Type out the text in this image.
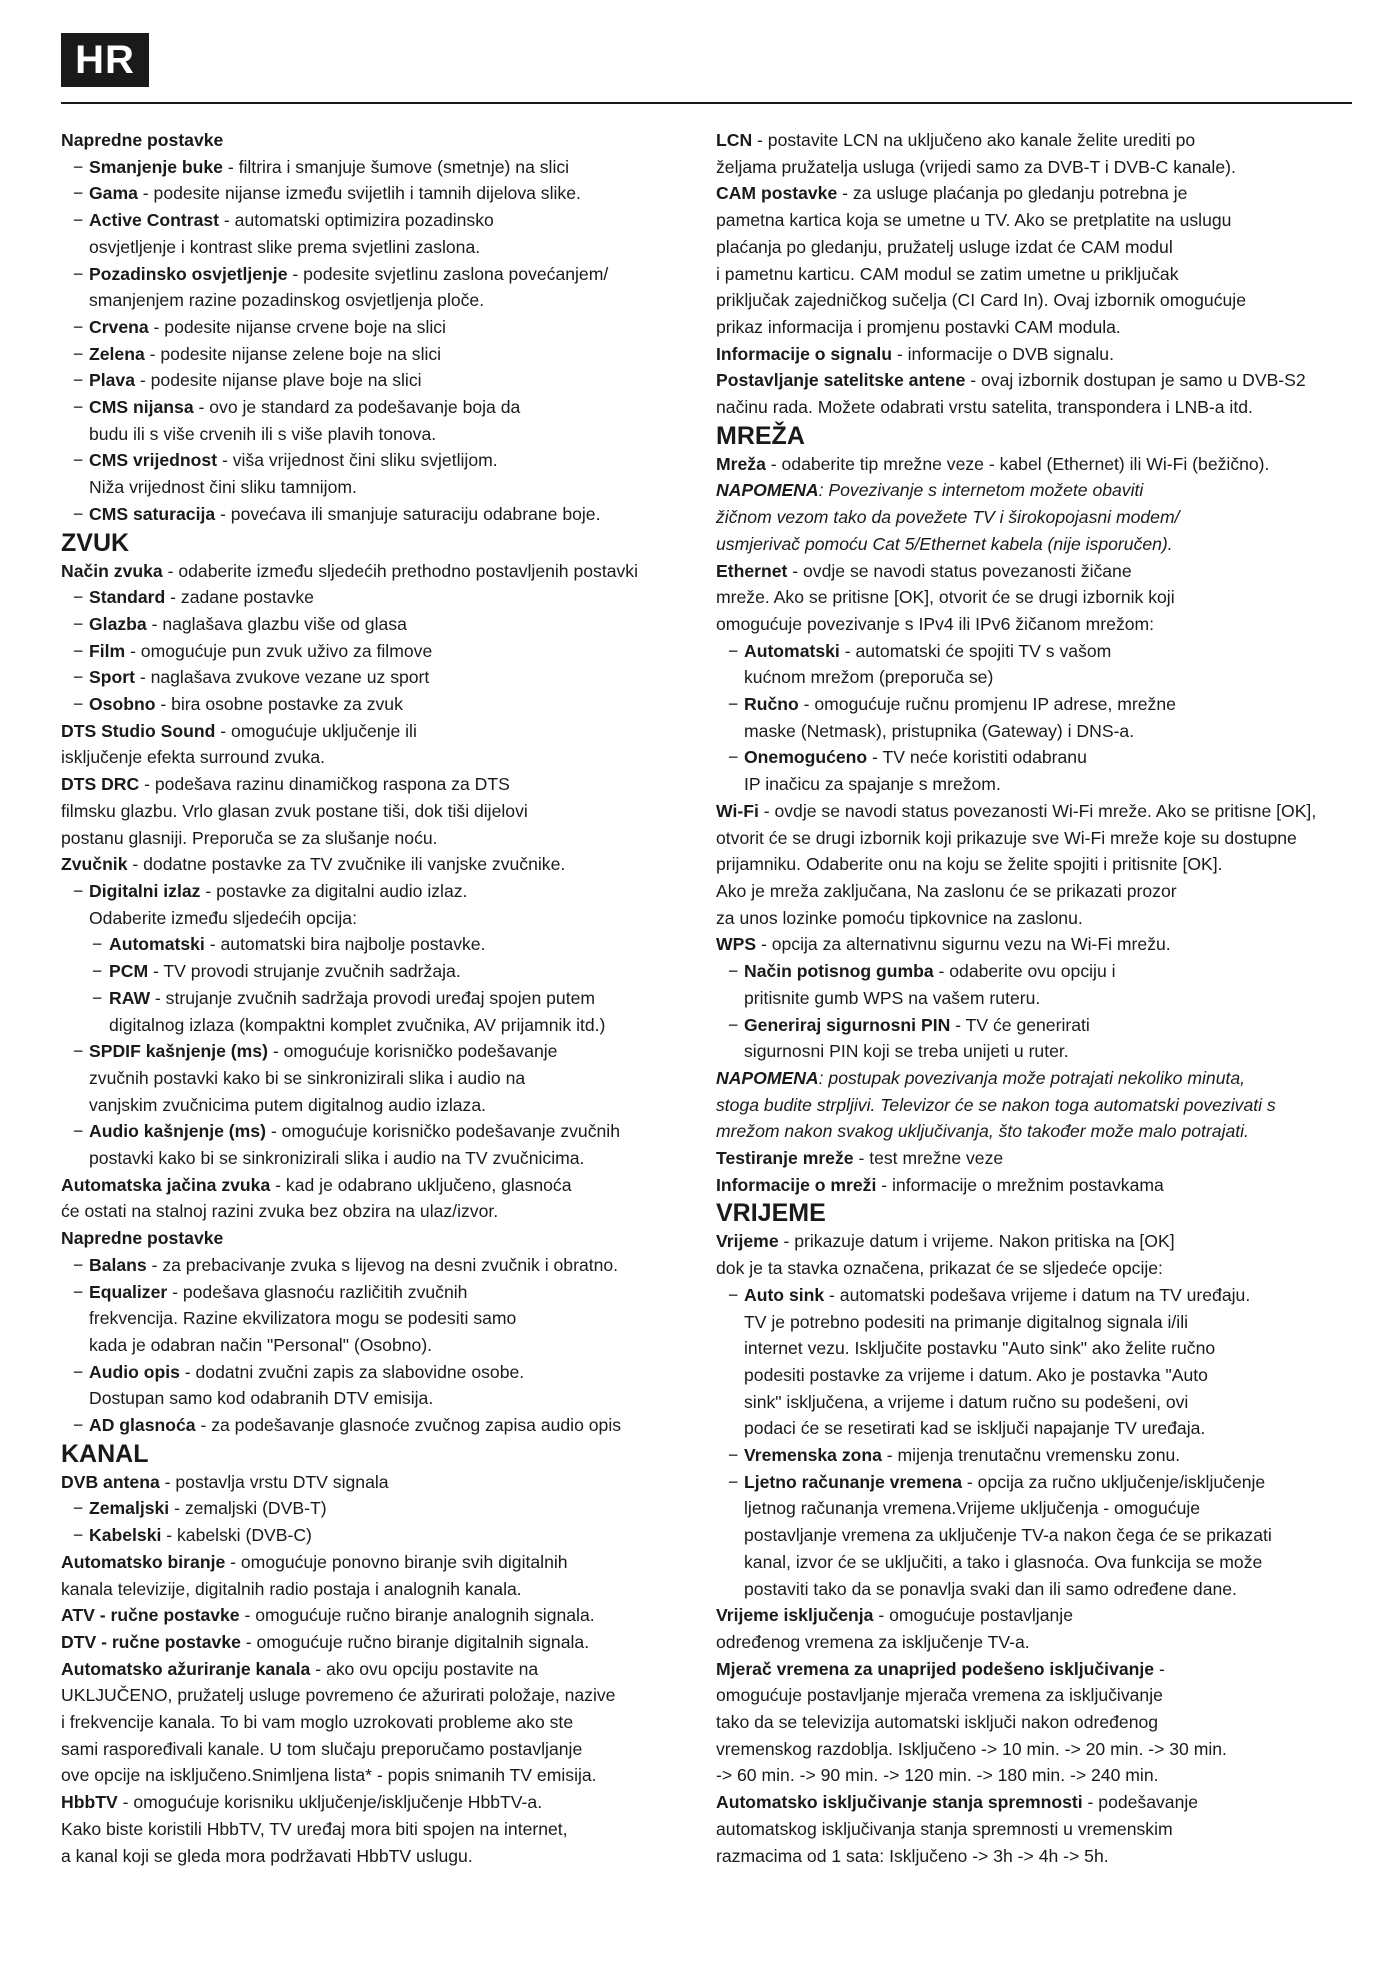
HR

Napredne postavke

− Smanjenje buke - filtrira i smanjuje šumove (smetnje) na slici

− Gama - podesite nijanse između svijetlih i tamnih dijelova slike.

− Active Contrast - automatski optimizira pozadinsko

osvjetljenje i kontrast slike prema svjetlini zaslona.

− Pozadinsko osvjetljenje - podesite svjetlinu zaslona povećanjem/

smanjenjem razine pozadinskog osvjetljenja ploče.

− Crvena - podesite nijanse crvene boje na slici

− Zelena - podesite nijanse zelene boje na slici

− Plava - podesite nijanse plave boje na slici

− CMS nijansa - ovo je standard za podešavanje boja da

budu ili s više crvenih ili s više plavih tonova.

− CMS vrijednost - viša vrijednost čini sliku svjetlijom.

Niža vrijednost čini sliku tamnijom.

− CMS saturacija - povećava ili smanjuje saturaciju odabrane boje.

ZVUK

Način zvuka - odaberite između sljedećih prethodno postavljenih postavki

− Standard - zadane postavke

− Glazba - naglašava glazbu više od glasa

− Film - omogućuje pun zvuk uživo za filmove

− Sport - naglašava zvukove vezane uz sport

− Osobno - bira osobne postavke za zvuk

DTS Studio Sound - omogućuje uključenje ili

isključenje efekta surround zvuka.

DTS DRC - podešava razinu dinamičkog raspona za DTS

filmsku glazbu. Vrlo glasan zvuk postane tiši, dok tiši dijelovi

postanu glasniji. Preporuča se za slušanje noću.

Zvučnik - dodatne postavke za TV zvučnike ili vanjske zvučnike.

− Digitalni izlaz - postavke za digitalni audio izlaz.

Odaberite između sljedećih opcija:

− Automatski - automatski bira najbolje postavke.

− PCM - TV provodi strujanje zvučnih sadržaja.

− RAW - strujanje zvučnih sadržaja provodi uređaj spojen putem

digitalnog izlaza (kompaktni komplet zvučnika, AV prijamnik itd.)

− SPDIF kašnjenje (ms) - omogućuje korisničko podešavanje

zvučnih postavki kako bi se sinkronizirali slika i audio na

vanjskim zvučnicima putem digitalnog audio izlaza.

− Audio kašnjenje (ms) - omogućuje korisničko podešavanje zvučnih

postavki kako bi se sinkronizirali slika i audio na TV zvučnicima.

Automatska jačina zvuka - kad je odabrano uključeno, glasnoća

će ostati na stalnoj razini zvuka bez obzira na ulaz/izvor.

Napredne postavke

− Balans - za prebacivanje zvuka s lijevog na desni zvučnik i obratno.

− Equalizer - podešava glasnoću različitih zvučnih

frekvencija. Razine ekvilizatora mogu se podesiti samo

kada je odabran način "Personal" (Osobno).

− Audio opis - dodatni zvučni zapis za slabovidne osobe.

Dostupan samo kod odabranih DTV emisija.

− AD glasnoća - za podešavanje glasnoće zvučnog zapisa audio opis

KANAL

DVB antena - postavlja vrstu DTV signala

− Zemaljski - zemaljski (DVB-T)

− Kabelski - kabelski (DVB-C)

Automatsko biranje - omogućuje ponovno biranje svih digitalnih

kanala televizije, digitalnih radio postaja i analognih kanala.

ATV - ručne postavke - omogućuje ručno biranje analognih signala.

DTV - ručne postavke - omogućuje ručno biranje digitalnih signala.

Automatsko ažuriranje kanala - ako ovu opciju postavite na

UKLJUČENO, pružatelj usluge povremeno će ažurirati položaje, nazive

i frekvencije kanala. To bi vam moglo uzrokovati probleme ako ste

sami raspoređivali kanale. U tom slučaju preporučamo postavljanje

ove opcije na isključeno.Snimljena lista* - popis snimanih TV emisija.

HbbTV - omogućuje korisniku uključenje/isključenje HbbTV-a.

Kako biste koristili HbbTV, TV uređaj mora biti spojen na internet,

a kanal koji se gleda mora podržavati HbbTV uslugu.

LCN - postavite LCN na uključeno ako kanale želite urediti po

željama pružatelja usluga (vrijedi samo za DVB-T i DVB-C kanale).

CAM postavke - za usluge plaćanja po gledanju potrebna je

pametna kartica koja se umetne u TV. Ako se pretplatite na uslugu

plaćanja po gledanju, pružatelj usluge izdat će CAM modul

i pametnu karticu. CAM modul se zatim umetne u priključak

priključak zajedničkog sučelja (CI Card In). Ovaj izbornik omogućuje

prikaz informacija i promjenu postavki CAM modula.

Informacije o signalu - informacije o DVB signalu.

Postavljanje satelitske antene - ovaj izbornik dostupan je samo u DVB-S2

načinu rada. Možete odabrati vrstu satelita, transpondera i LNB-a itd.

MREŽA

Mreža - odaberite tip mrežne veze - kabel (Ethernet) ili Wi-Fi (bežično).

NAPOMENA: Povezivanje s internetom možete obaviti

žičnom vezom tako da povežete TV i širokopojasni modem/

usmjerivač pomoću Cat 5/Ethernet kabela (nije isporučen).

Ethernet - ovdje se navodi status povezanosti žičane

mreže. Ako se pritisne [OK], otvorit će se drugi izbornik koji

omogućuje povezivanje s IPv4 ili IPv6 žičanom mrežom:

− Automatski - automatski će spojiti TV s vašom

kućnom mrežom (preporuča se)

− Ručno - omogućuje ručnu promjenu IP adrese, mrežne

maske (Netmask), pristupnika (Gateway) i DNS-a.

− Onemogućeno - TV neće koristiti odabranu

IP inačicu za spajanje s mrežom.

Wi-Fi - ovdje se navodi status povezanosti Wi-Fi mreže. Ako se pritisne [OK],

otvorit će se drugi izbornik koji prikazuje sve Wi-Fi mreže koje su dostupne

prijamniku. Odaberite onu na koju se želite spojiti i pritisnite [OK].

Ako je mreža zaključana, Na zaslonu će se prikazati prozor

za unos lozinke pomoću tipkovnice na zaslonu.

WPS - opcija za alternativnu sigurnu vezu na Wi-Fi mrežu.

− Način potisnog gumba - odaberite ovu opciju i

pritisnite gumb WPS na vašem ruteru.

− Generiraj sigurnosni PIN - TV će generirati

sigurnosni PIN koji se treba unijeti u ruter.

NAPOMENA: postupak povezivanja može potrajati nekoliko minuta,

stoga budite strpljivi. Televizor će se nakon toga automatski povezivati s

mrežom nakon svakog uključivanja, što također može malo potrajati.

Testiranje mreže - test mrežne veze

Informacije o mreži - informacije o mrežnim postavkama

VRIJEME

Vrijeme - prikazuje datum i vrijeme. Nakon pritiska na [OK]

dok je ta stavka označena, prikazat će se sljedeće opcije:

− Auto sink - automatski podešava vrijeme i datum na TV uređaju.

TV je potrebno podesiti na primanje digitalnog signala i/ili

internet vezu. Isključite postavku "Auto sink" ako želite ručno

podesiti postavke za vrijeme i datum. Ako je postavka "Auto

sink" isključena, a vrijeme i datum ručno su podešeni, ovi

podaci će se resetirati kad se isključi napajanje TV uređaja.

− Vremenska zona - mijenja trenutačnu vremensku zonu.

− Ljetno računanje vremena - opcija za ručno uključenje/isključenje

ljetnog računanja vremena.Vrijeme uključenja - omogućuje

postavljanje vremena za uključenje TV-a nakon čega će se prikazati

kanal, izvor će se uključiti, a tako i glasnoća. Ova funkcija se može

postaviti tako da se ponavlja svaki dan ili samo određene dane.

Vrijeme isključenja - omogućuje postavljanje

određenog vremena za isključenje TV-a.

Mjerač vremena za unaprijed podešeno isključivanje -

omogućuje postavljanje mjerača vremena za isključivanje

tako da se televizija automatski isključi nakon određenog

vremenskog razdoblja. Isključeno -> 10 min. -> 20 min. -> 30 min.

-> 60 min. -> 90 min. -> 120 min. -> 180 min. -> 240 min.

Automatsko isključivanje stanja spremnosti - podešavanje

automatskog isključivanja stanja spremnosti u vremenskim

razmacima od 1 sata: Isključeno -> 3h -> 4h -> 5h.
